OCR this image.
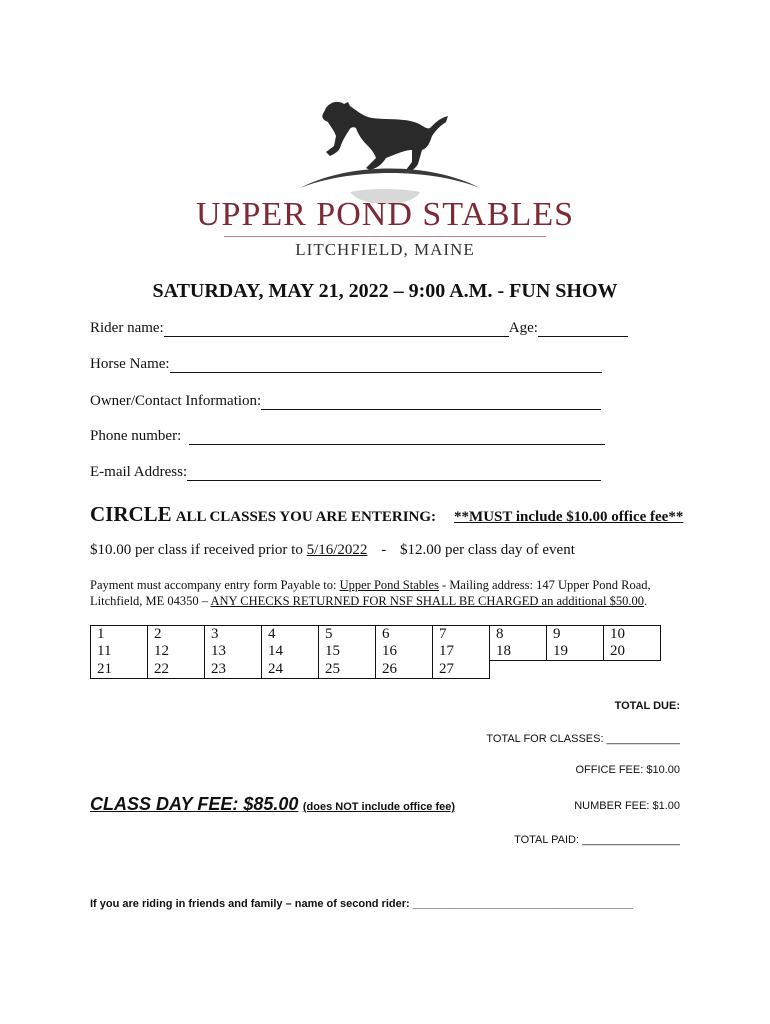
UPPER POND STABLES
LITCHFIELD, MAINE
SATURDAY, MAY 21, 2022 – 9:00 A.M. - FUN SHOW
Rider name:	Age:
Horse Name:
Owner/Contact Information:
Phone number:
E-mail Address:
CIRCLE ALL CLASSES YOU ARE ENTERING: **MUST include $10.00 office fee**
$10.00 per class if received prior to 5/16/2022 - $12.00 per class day of event
Payment must accompany entry form Payable to: Upper Pond Stables - Mailing address: 147 Upper Pond Road, Litchfield, ME 04350 – ANY CHECKS RETURNED FOR NSF SHALL BE CHARGED an additional $50.00.
1	2	3	4	5	6	7	8	9	10
11	12	13	14	15	16	17	18	19	20
21	22	23	24	25	26	27			
TOTAL DUE:
TOTAL FOR CLASSES: ____________
OFFICE FEE: $10.00
NUMBER FEE: $1.00
TOTAL PAID: ________________
CLASS DAY FEE: $85.00 (does NOT include office fee)
If you are riding in friends and family – name of second rider: ____________________________________
